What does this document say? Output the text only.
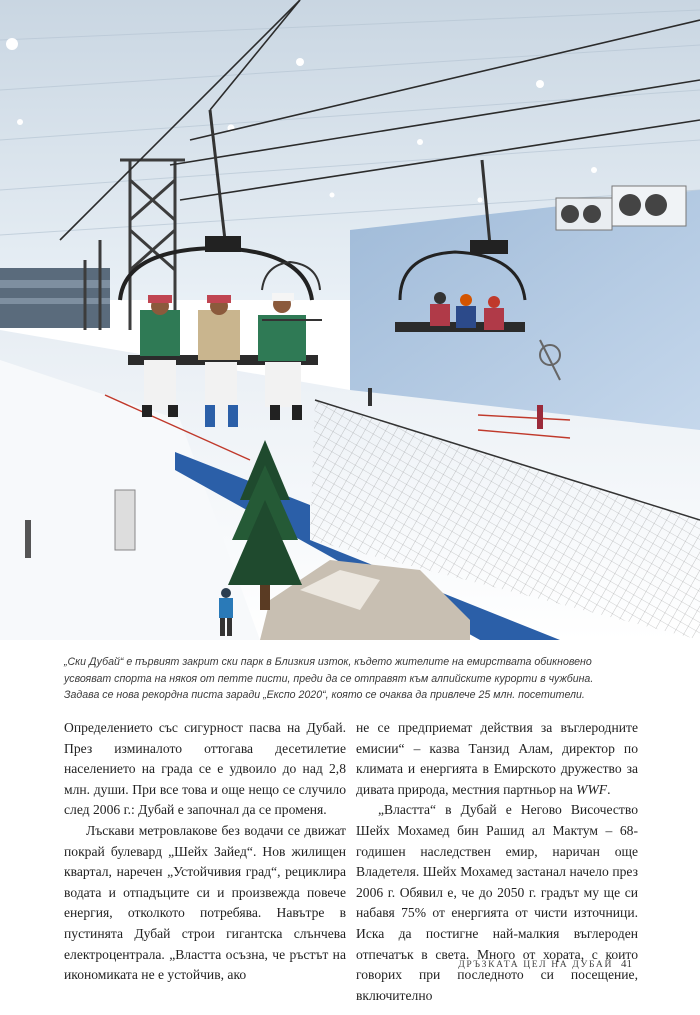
„Ски Дубай“ е първият закрит ски парк в Близкия изток, където жителите на емирствата обикновено
усвояват спорта на някоя от петте писти, преди да се отправят към алпийските курорти в чужбина.
Задава се нова рекордна писта заради „Експо 2020“, която се очаква да привлече 25 млн. посетители.

Определението със сигурност пасва на Дубай. През изминалото оттогава десетилетие населението на града се е удвоило до над 2,8 млн. души. При все това и още нещо се случило след 2006 г.: Дубай е започнал да се променя.

Лъскави метровлакове без водачи се движат покрай булевард „Шейх Зайед“. Нов жилищен квартал, наречен „Устойчивия град“, рециклира водата и отпадъците си и произвежда повече енергия, отколкото потребява. Навътре в пустинята Дубай строи гигантска слънчева електроцентрала. „Властта осъзна, че ръстът на икономиката не е устойчив, ако

не се предприемат действия за въглеродните емисии“ – казва Танзид Алам, директор по климата и енергията в Емирското дружество за дивата природа, местния партньор на WWF.

„Властта“ в Дубай е Негово Височество Шейх Мохамед бин Рашид ал Мактум – 68-годишен наследствен емир, наричан още Владетеля. Шейх Мохамед застанал начело през 2006 г. Обявил е, че до 2050 г. градът му ще си набавя 75% от енергията от чисти източници. Иска да постигне най-малкия въглероден отпечатък в света. Много от хората, с които говорих при последното си посещение, включително

ДРЪЗКАТА ЦЕЛ НА ДУБАЙ 41
